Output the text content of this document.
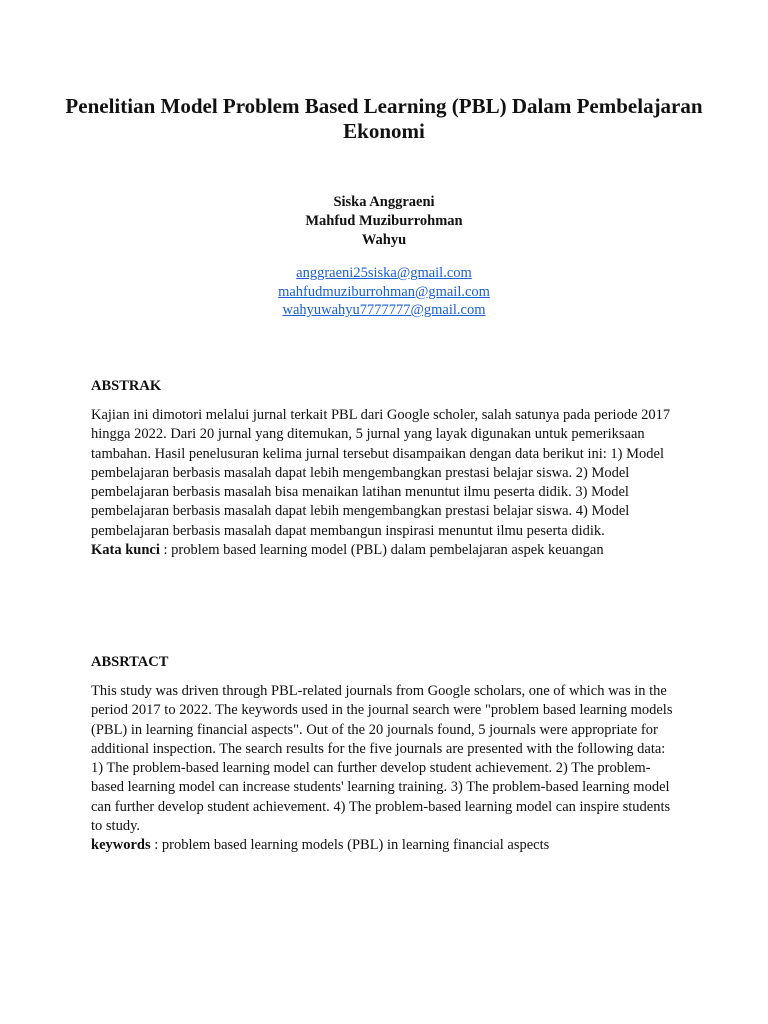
Penelitian Model Problem Based Learning (PBL) Dalam Pembelajaran Ekonomi
Siska Anggraeni
Mahfud Muziburrohman
Wahyu
anggraeni25siska@gmail.com
mahfudmuziburrohman@gmail.com
wahyuwahyu7777777@gmail.com
ABSTRAK

Kajian ini dimotori melalui jurnal terkait PBL dari Google scholer, salah satunya pada periode 2017 hingga 2022. Dari 20 jurnal yang ditemukan, 5 jurnal yang layak digunakan untuk pemeriksaan tambahan. Hasil penelusuran kelima jurnal tersebut disampaikan dengan data berikut ini: 1) Model pembelajaran berbasis masalah dapat lebih mengembangkan prestasi belajar siswa. 2) Model pembelajaran berbasis masalah bisa menaikan latihan menuntut ilmu peserta didik. 3) Model pembelajaran berbasis masalah dapat lebih mengembangkan prestasi belajar siswa. 4) Model pembelajaran berbasis masalah dapat membangun inspirasi menuntut ilmu peserta didik.

Kata kunci : problem based learning model (PBL) dalam pembelajaran aspek keuangan

ABSRTACT

This study was driven through PBL-related journals from Google scholars, one of which was in the period 2017 to 2022. The keywords used in the journal search were "problem based learning models (PBL) in learning financial aspects". Out of the 20 journals found, 5 journals were appropriate for additional inspection. The search results for the five journals are presented with the following data: 1) The problem-based learning model can further develop student achievement. 2) The problem-based learning model can increase students' learning training. 3) The problem-based learning model can further develop student achievement. 4) The problem-based learning model can inspire students to study.

keywords : problem based learning models (PBL) in learning financial aspects
